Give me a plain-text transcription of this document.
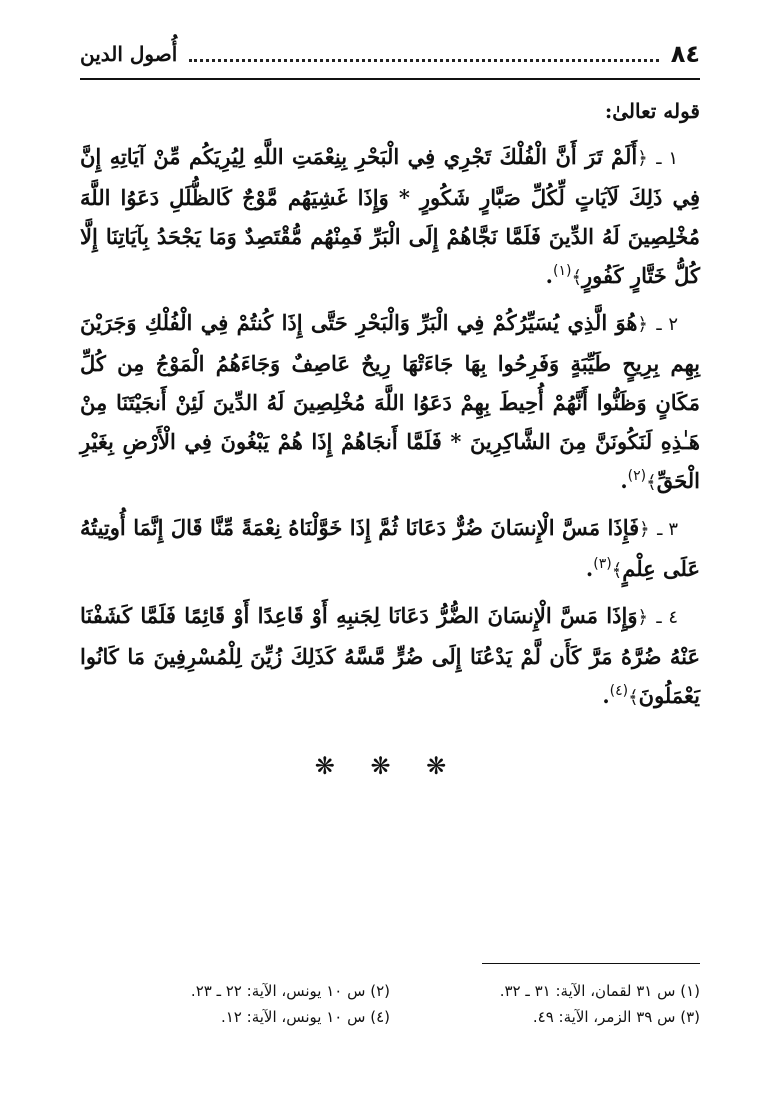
٨٤
أُصول الدين

قوله تعالىٰ:

١ ـ ﴿أَلَمْ تَرَ أَنَّ الْفُلْكَ تَجْرِي فِي الْبَحْرِ بِنِعْمَتِ اللَّهِ لِيُرِيَكُم مِّنْ آيَاتِهِ إِنَّ فِي ذَلِكَ لَآيَاتٍ لِّكُلِّ صَبَّارٍ شَكُورٍ * وَإِذَا غَشِيَهُم مَّوْجٌ كَالظُّلَلِ دَعَوُا اللَّهَ مُخْلِصِينَ لَهُ الدِّينَ فَلَمَّا نَجَّاهُمْ إِلَى الْبَرِّ فَمِنْهُم مُّقْتَصِدٌ وَمَا يَجْحَدُ بِآيَاتِنَا إِلَّا كُلُّ خَتَّارٍ كَفُورٍ﴾$^{(١)}$.

٢ ـ ﴿هُوَ الَّذِي يُسَيِّرُكُمْ فِي الْبَرِّ وَالْبَحْرِ حَتَّى إِذَا كُنتُمْ فِي الْفُلْكِ وَجَرَيْنَ بِهِم بِرِيحٍ طَيِّبَةٍ وَفَرِحُوا بِهَا جَاءَتْهَا رِيحٌ عَاصِفٌ وَجَاءَهُمُ الْمَوْجُ مِن كُلِّ مَكَانٍ وَظَنُّوا أَنَّهُمْ أُحِيطَ بِهِمْ دَعَوُا اللَّهَ مُخْلِصِينَ لَهُ الدِّينَ لَئِنْ أَنجَيْتَنَا مِنْ هَـٰذِهِ لَنَكُونَنَّ مِنَ الشَّاكِرِينَ * فَلَمَّا أَنجَاهُمْ إِذَا هُمْ يَبْغُونَ فِي الْأَرْضِ بِغَيْرِ الْحَقِّ﴾$^{(٢)}$.

٣ ـ ﴿فَإِذَا مَسَّ الْإِنسَانَ ضُرٌّ دَعَانَا ثُمَّ إِذَا خَوَّلْنَاهُ نِعْمَةً مِّنَّا قَالَ إِنَّمَا أُوتِيتُهُ عَلَى عِلْمٍ﴾$^{(٣)}$.

٤ ـ ﴿وَإِذَا مَسَّ الْإِنسَانَ الضُّرُّ دَعَانَا لِجَنبِهِ أَوْ قَاعِدًا أَوْ قَائِمًا فَلَمَّا كَشَفْنَا عَنْهُ ضُرَّهُ مَرَّ كَأَن لَّمْ يَدْعُنَا إِلَى ضُرٍّ مَّسَّهُ كَذَلِكَ زُيِّنَ لِلْمُسْرِفِينَ مَا كَانُوا يَعْمَلُونَ﴾$^{(٤)}$.

❋ ❋ ❋
(١) س ٣١ لقمان، الآية: ٣١ ـ ٣٢.
(٢) س ١٠ يونس، الآية: ٢٢ ـ ٢٣.
(٣) س ٣٩ الزمر، الآية: ٤٩.
(٤) س ١٠ يونس، الآية: ١٢.
